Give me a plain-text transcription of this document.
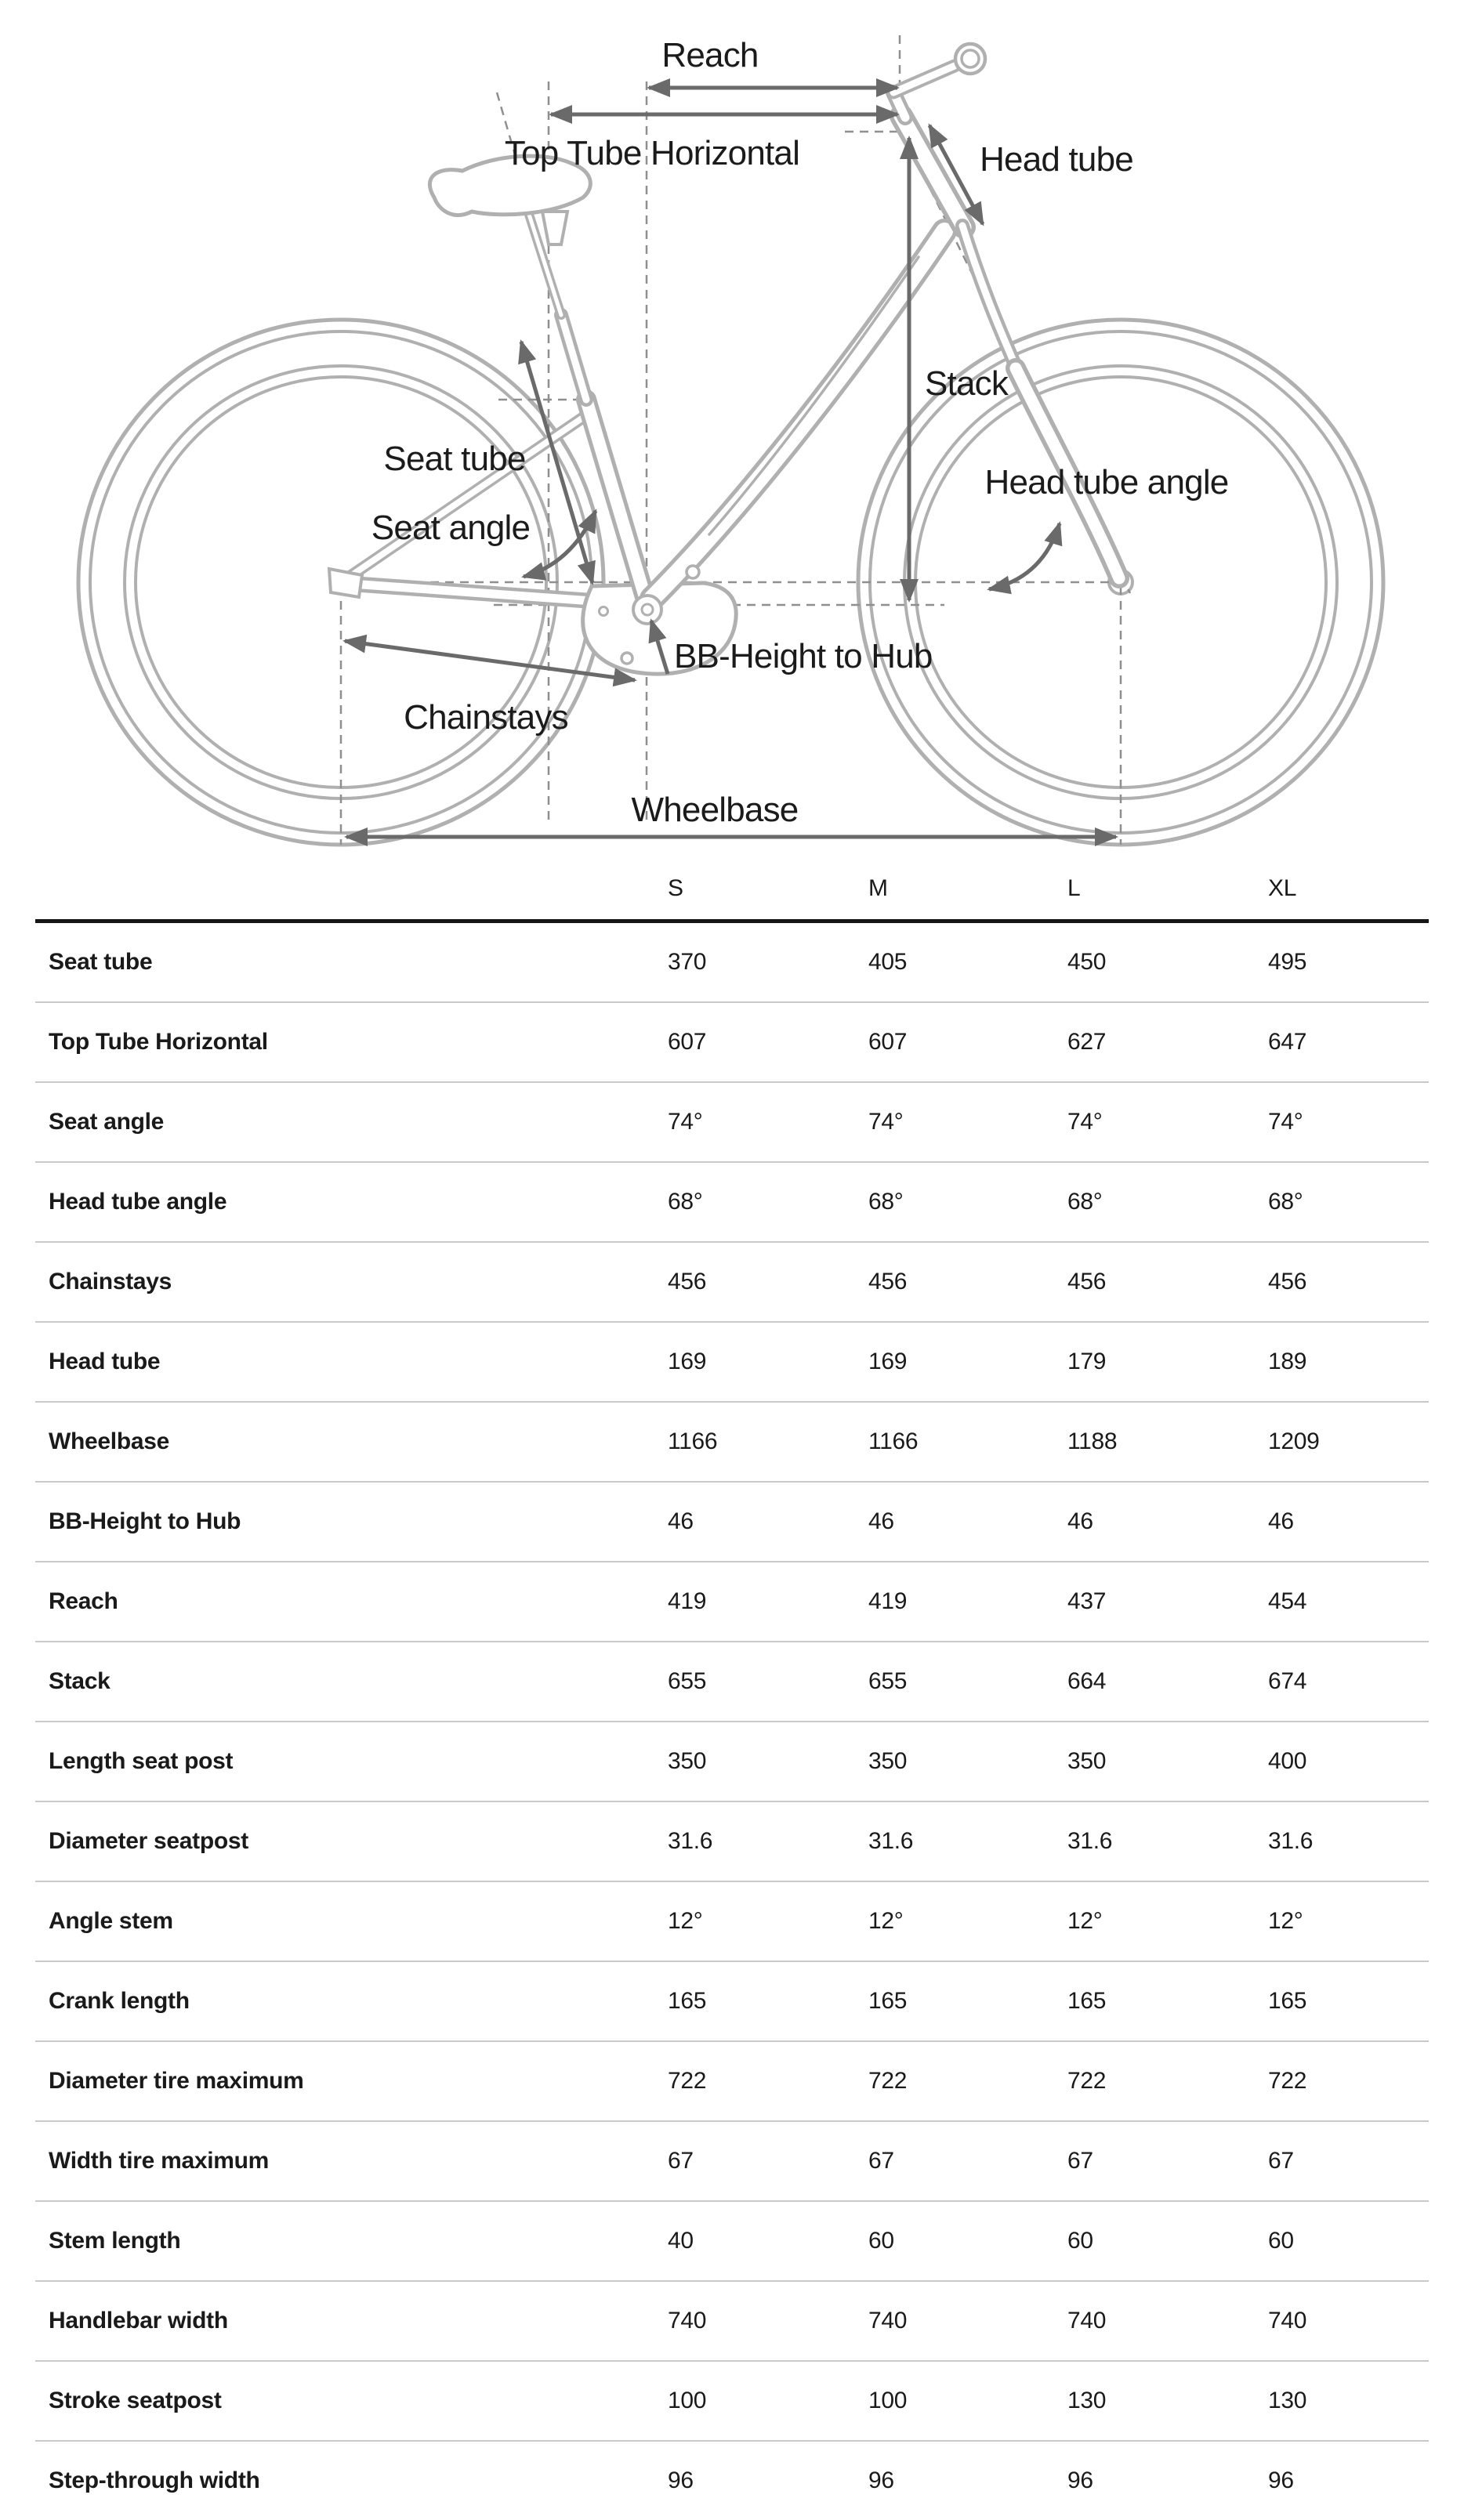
Reach
Top Tube Horizontal	Head tube
Stack
Seat tube
Seat angle
Head tube angle
BB-Height to Hub
Chainstays
Wheelbase
S	M	L	XL
Seat tube	370	405	450	495
Top Tube Horizontal	607	607	627	647
Seat angle	74°	74°	74°	74°
Head tube angle	68°	68°	68°	68°
Chainstays	456	456	456	456
Head tube	169	169	179	189
Wheelbase	1166	1166	1188	1209
BB-Height to Hub	46	46	46	46
Reach	419	419	437	454
Stack	655	655	664	674
Length seat post	350	350	350	400
Diameter seatpost	31.6	31.6	31.6	31.6
Angle stem	12°	12°	12°	12°
Crank length	165	165	165	165
Diameter tire maximum	722	722	722	722
Width tire maximum	67	67	67	67
Stem length	40	60	60	60
Handlebar width	740	740	740	740
Stroke seatpost	100	100	130	130
Step-through width	96	96	96	96
